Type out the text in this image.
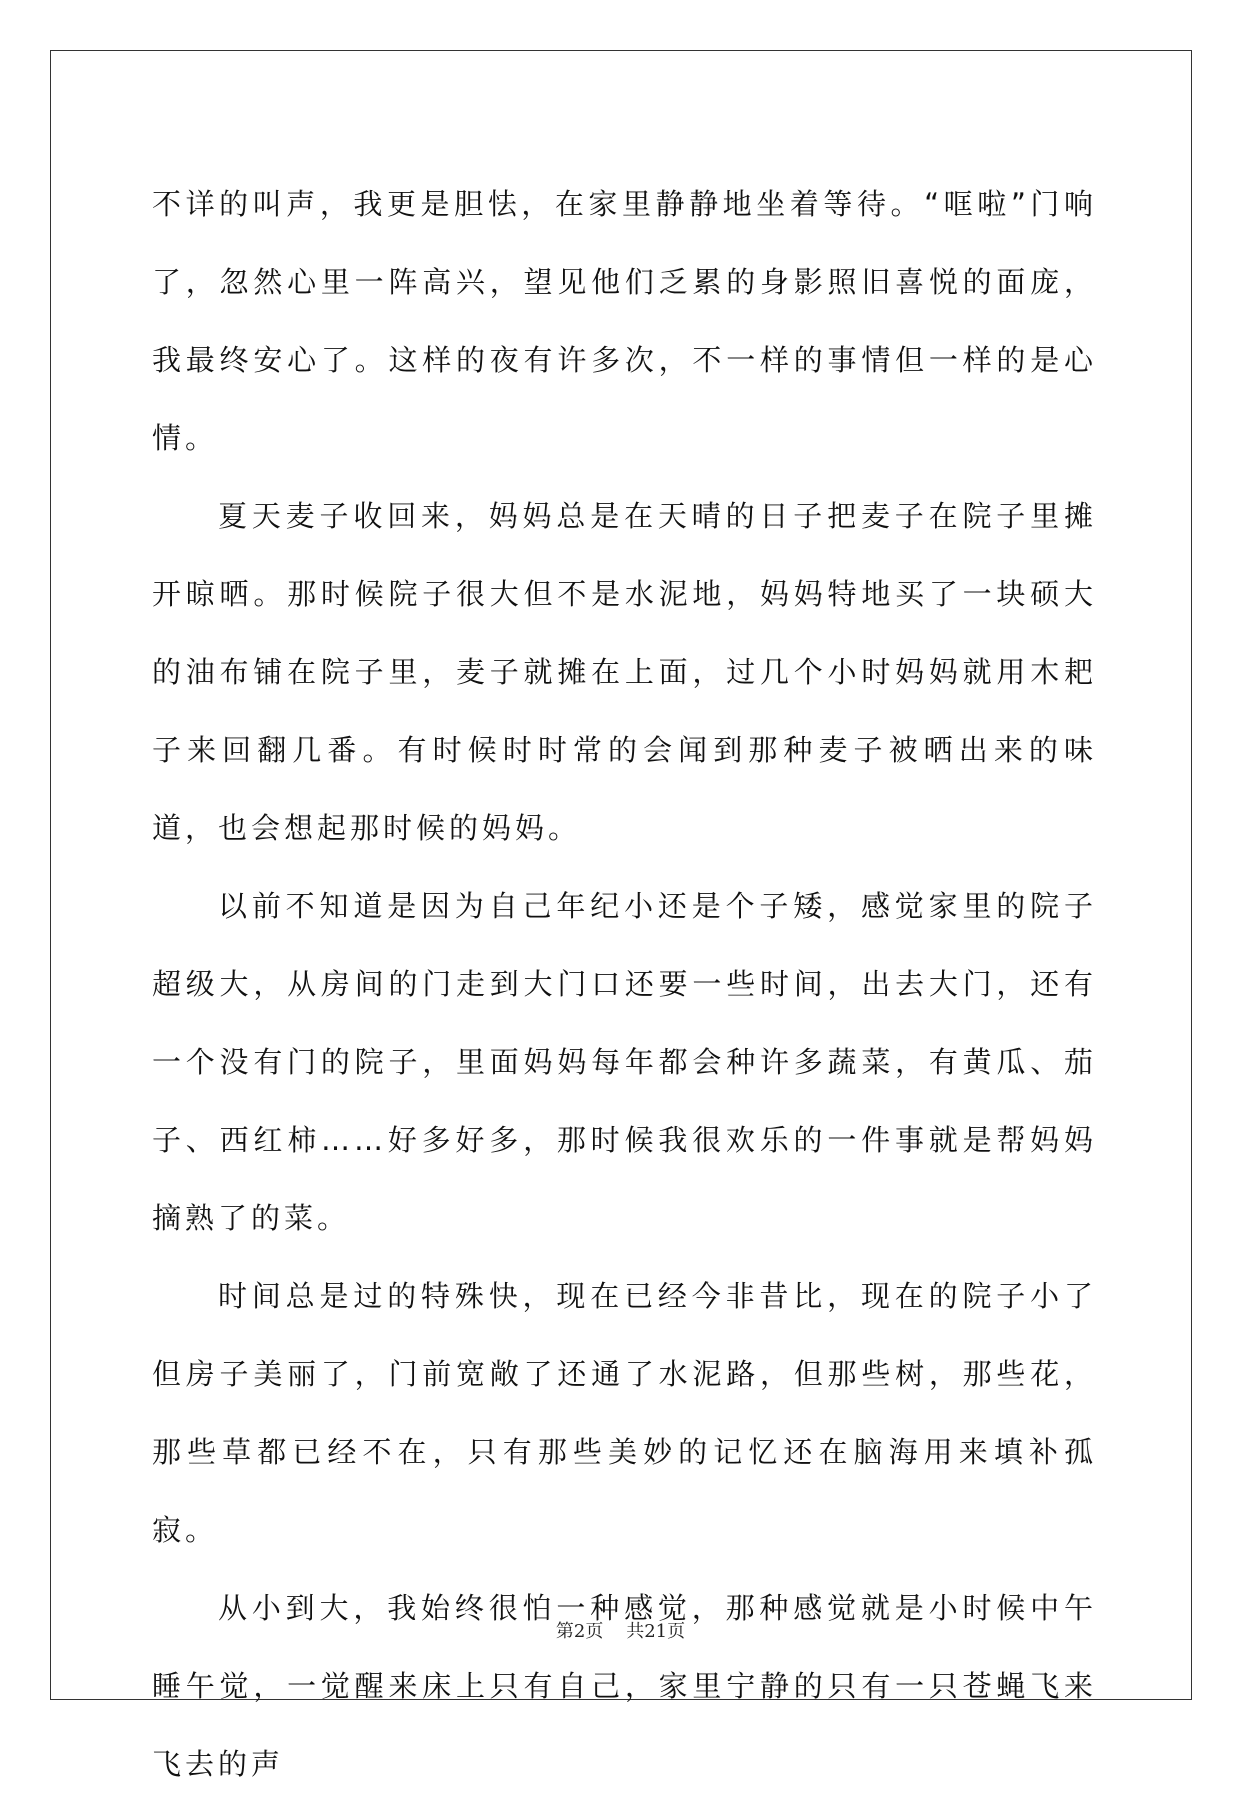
不详的叫声，我更是胆怯，在家里静静地坐着等待。“哐啦”门响了，忽然心里一阵高兴，望见他们乏累的身影照旧喜悦的面庞，我最终安心了。这样的夜有许多次，不一样的事情但一样的是心情。

夏天麦子收回来，妈妈总是在天晴的日子把麦子在院子里摊开晾晒。那时候院子很大但不是水泥地，妈妈特地买了一块硕大的油布铺在院子里，麦子就摊在上面，过几个小时妈妈就用木耙子来回翻几番。有时候时时常的会闻到那种麦子被晒出来的味道，也会想起那时候的妈妈。

以前不知道是因为自己年纪小还是个子矮，感觉家里的院子超级大，从房间的门走到大门口还要一些时间，出去大门，还有一个没有门的院子，里面妈妈每年都会种许多蔬菜，有黄瓜、茄子、西红柿……好多好多，那时候我很欢乐的一件事就是帮妈妈摘熟了的菜。

时间总是过的特殊快，现在已经今非昔比，现在的院子小了但房子美丽了，门前宽敞了还通了水泥路，但那些树，那些花，那些草都已经不在，只有那些美妙的记忆还在脑海用来填补孤寂。

从小到大，我始终很怕一种感觉，那种感觉就是小时候中午睡午觉，一觉醒来床上只有自己，家里宁静的只有一只苍蝇飞来飞去的声

第2页 共21页
